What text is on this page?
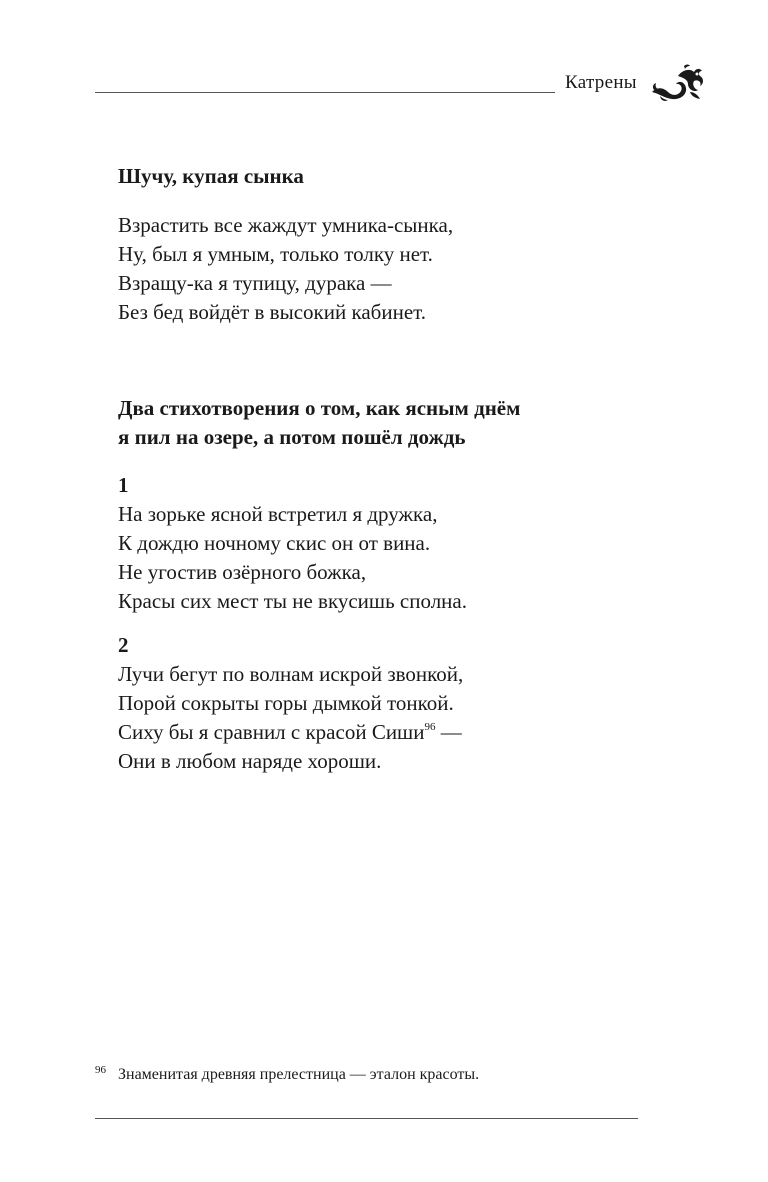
Катрены
Шучу, купая сынка
Взрастить все жаждут умника-сынка,
Ну, был я умным, только толку нет.
Взращу-ка я тупицу, дурака —
Без бед войдёт в высокий кабинет.
Два стихотворения о том, как ясным днём
я пил на озере, а потом пошёл дождь
1
На зорьке ясной встретил я дружка,
К дождю ночному скис он от вина.
Не угостив озёрного божка,
Красы сих мест ты не вкусишь сполна.
2
Лучи бегут по волнам искрой звонкой,
Порой сокрыты горы дымкой тонкой.
Сиху бы я сравнил с красой Сиши$^{96}$ —
Они в любом наряде хороши.
96 Знаменитая древняя прелестница — эталон красоты.
